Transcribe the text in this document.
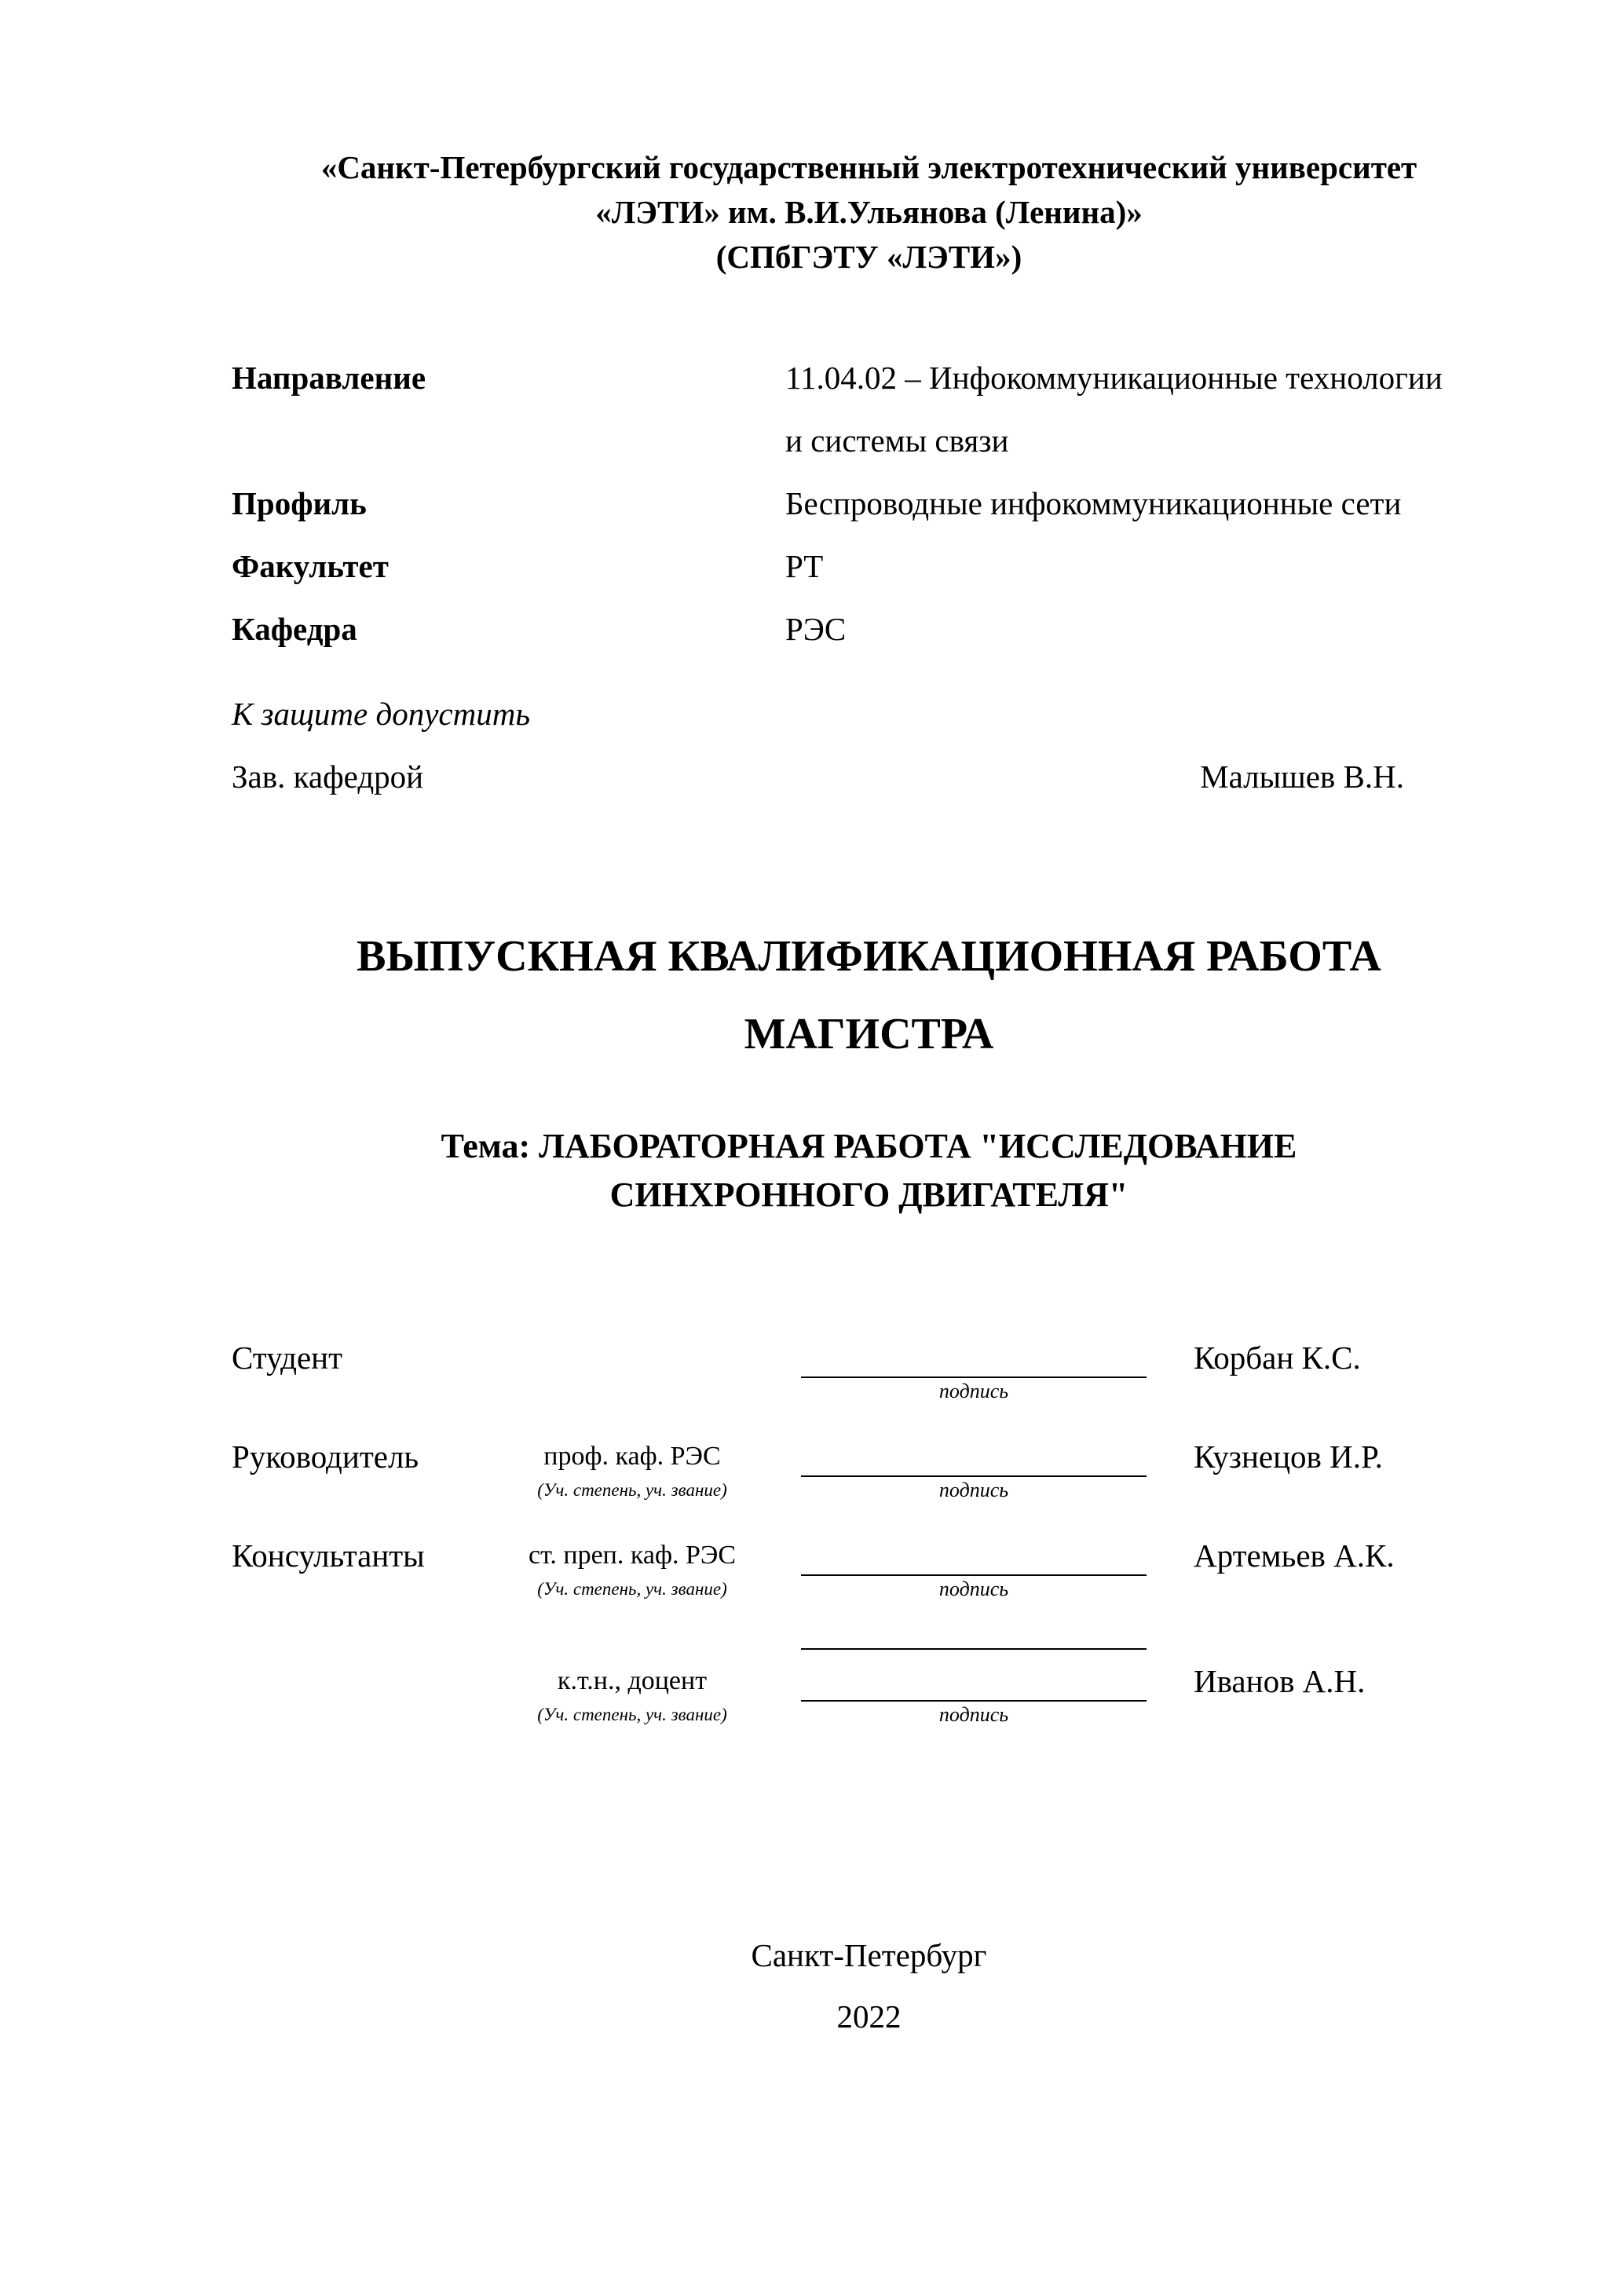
«Санкт-Петербургский государственный электротехнический университет
«ЛЭТИ» им. В.И.Ульянова (Ленина)»
(СПбГЭТУ «ЛЭТИ»)
Направление	11.04.02 – Инфокоммуникационные технологии и системы связи
Профиль	Беспроводные инфокоммуникационные сети
Факультет	РТ
Кафедра	РЭС
К защите допустить
Зав. кафедрой	Малышев В.Н.
ВЫПУСКНАЯ КВАЛИФИКАЦИОННАЯ РАБОТА
МАГИСТРА
Тема: ЛАБОРАТОРНАЯ РАБОТА "ИССЛЕДОВАНИЕ СИНХРОННОГО ДВИГАТЕЛЯ"
Студент	Корбан К.С.
подпись
Руководитель	проф. каф. РЭС	Кузнецов И.Р.
(Уч. степень, уч. звание)	подпись
Консультанты	ст. преп. каф. РЭС	Артемьев А.К.
(Уч. степень, уч. звание)	подпись
к.т.н., доцент	Иванов А.Н.
(Уч. степень, уч. звание)	подпись
Санкт-Петербург
2022
